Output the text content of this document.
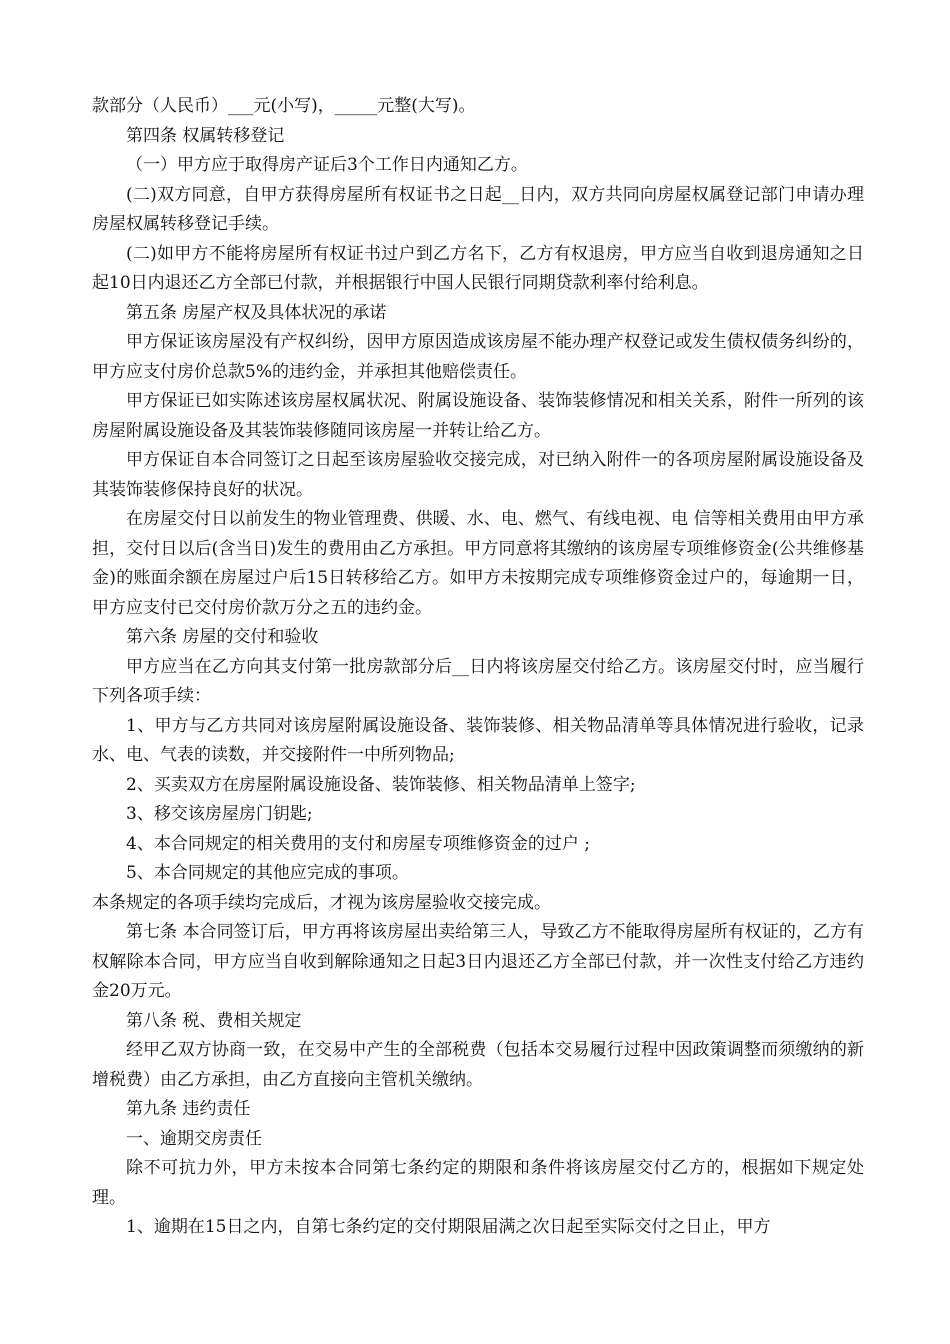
款部分（人民币）___元(小写)，_____元整(大写)。

第四条 权属转移登记

（一）甲方应于取得房产证后3个工作日内通知乙方。

(二)双方同意，自甲方获得房屋所有权证书之日起__日内，双方共同向房屋权属登记部门申请办理房屋权属转移登记手续。

(二)如甲方不能将房屋所有权证书过户到乙方名下，乙方有权退房，甲方应当自收到退房通知之日起10日内退还乙方全部已付款，并根据银行中国人民银行同期贷款利率付给利息。

第五条 房屋产权及具体状况的承诺

甲方保证该房屋没有产权纠纷，因甲方原因造成该房屋不能办理产权登记或发生债权债务纠纷的，甲方应支付房价总款5%的违约金，并承担其他赔偿责任。

甲方保证已如实陈述该房屋权属状况、附属设施设备、装饰装修情况和相关关系，附件一所列的该房屋附属设施设备及其装饰装修随同该房屋一并转让给乙方。

甲方保证自本合同签订之日起至该房屋验收交接完成，对已纳入附件一的各项房屋附属设施设备及其装饰装修保持良好的状况。

在房屋交付日以前发生的物业管理费、供暖、水、电、燃气、有线电视、电 信等相关费用由甲方承担，交付日以后(含当日)发生的费用由乙方承担。甲方同意将其缴纳的该房屋专项维修资金(公共维修基金)的账面余额在房屋过户后15日转移给乙方。如甲方未按期完成专项维修资金过户的，每逾期一日，甲方应支付已交付房价款万分之五的违约金。

第六条 房屋的交付和验收

甲方应当在乙方向其支付第一批房款部分后__日内将该房屋交付给乙方。该房屋交付时，应当履行下列各项手续：

1、甲方与乙方共同对该房屋附属设施设备、装饰装修、相关物品清单等具体情况进行验收，记录水、电、气表的读数，并交接附件一中所列物品;

2、买卖双方在房屋附属设施设备、装饰装修、相关物品清单上签字;

3、移交该房屋房门钥匙;

4、本合同规定的相关费用的支付和房屋专项维修资金的过户 ;

5、本合同规定的其他应完成的事项。

本条规定的各项手续均完成后，才视为该房屋验收交接完成。

第七条 本合同签订后，甲方再将该房屋出卖给第三人，导致乙方不能取得房屋所有权证的，乙方有权解除本合同，甲方应当自收到解除通知之日起3日内退还乙方全部已付款，并一次性支付给乙方违约金20万元。

第八条 税、费相关规定

经甲乙双方协商一致，在交易中产生的全部税费（包括本交易履行过程中因政策调整而须缴纳的新增税费）由乙方承担，由乙方直接向主管机关缴纳。

第九条 违约责任

一、逾期交房责任

除不可抗力外，甲方未按本合同第七条约定的期限和条件将该房屋交付乙方的，根据如下规定处理。

1、逾期在15日之内，自第七条约定的交付期限届满之次日起至实际交付之日止，甲方
